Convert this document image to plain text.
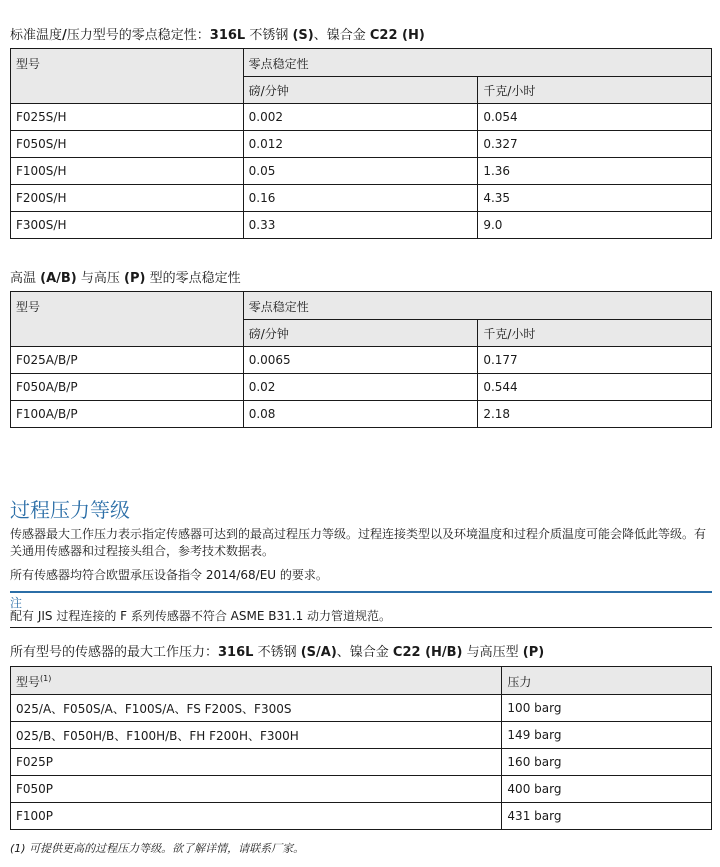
标准温度/压力型号的零点稳定性：316L 不锈钢 (S)、镍合金 C22 (H)
型号	零点稳定性	
	磅/分钟	千克/小时
F025S/H	0.002	0.054
F050S/H	0.012	0.327
F100S/H	0.05	1.36
F200S/H	0.16	4.35
F300S/H	0.33	9.0
高温 (A/B) 与高压 (P) 型的零点稳定性
型号	零点稳定性	
	磅/分钟	千克/小时
F025A/B/P	0.0065	0.177
F050A/B/P	0.02	0.544
F100A/B/P	0.08	2.18
过程压力等级
传感器最大工作压力表示指定传感器可达到的最高过程压力等级。过程连接类型以及环境温度和过程介质温度可能会降低此等级。有关通用传感器和过程接头组合，参考技术数据表。
所有传感器均符合欧盟承压设备指令 2014/68/EU 的要求。
注
配有 JIS 过程连接的 F 系列传感器不符合 ASME B31.1 动力管道规范。
所有型号的传感器的最大工作压力：316L 不锈钢 (S/A)、镍合金 C22 (H/B) 与高压型 (P)
型号$^{(1)}$	压力
025/A、F050S/A、F100S/A、FS F200S、F300S	100 barg
025/B、F050H/B、F100H/B、FH F200H、F300H	149 barg
F025P	160 barg
F050P	400 barg
F100P	431 barg
(1) 可提供更高的过程压力等级。欲了解详情，请联系厂家。
